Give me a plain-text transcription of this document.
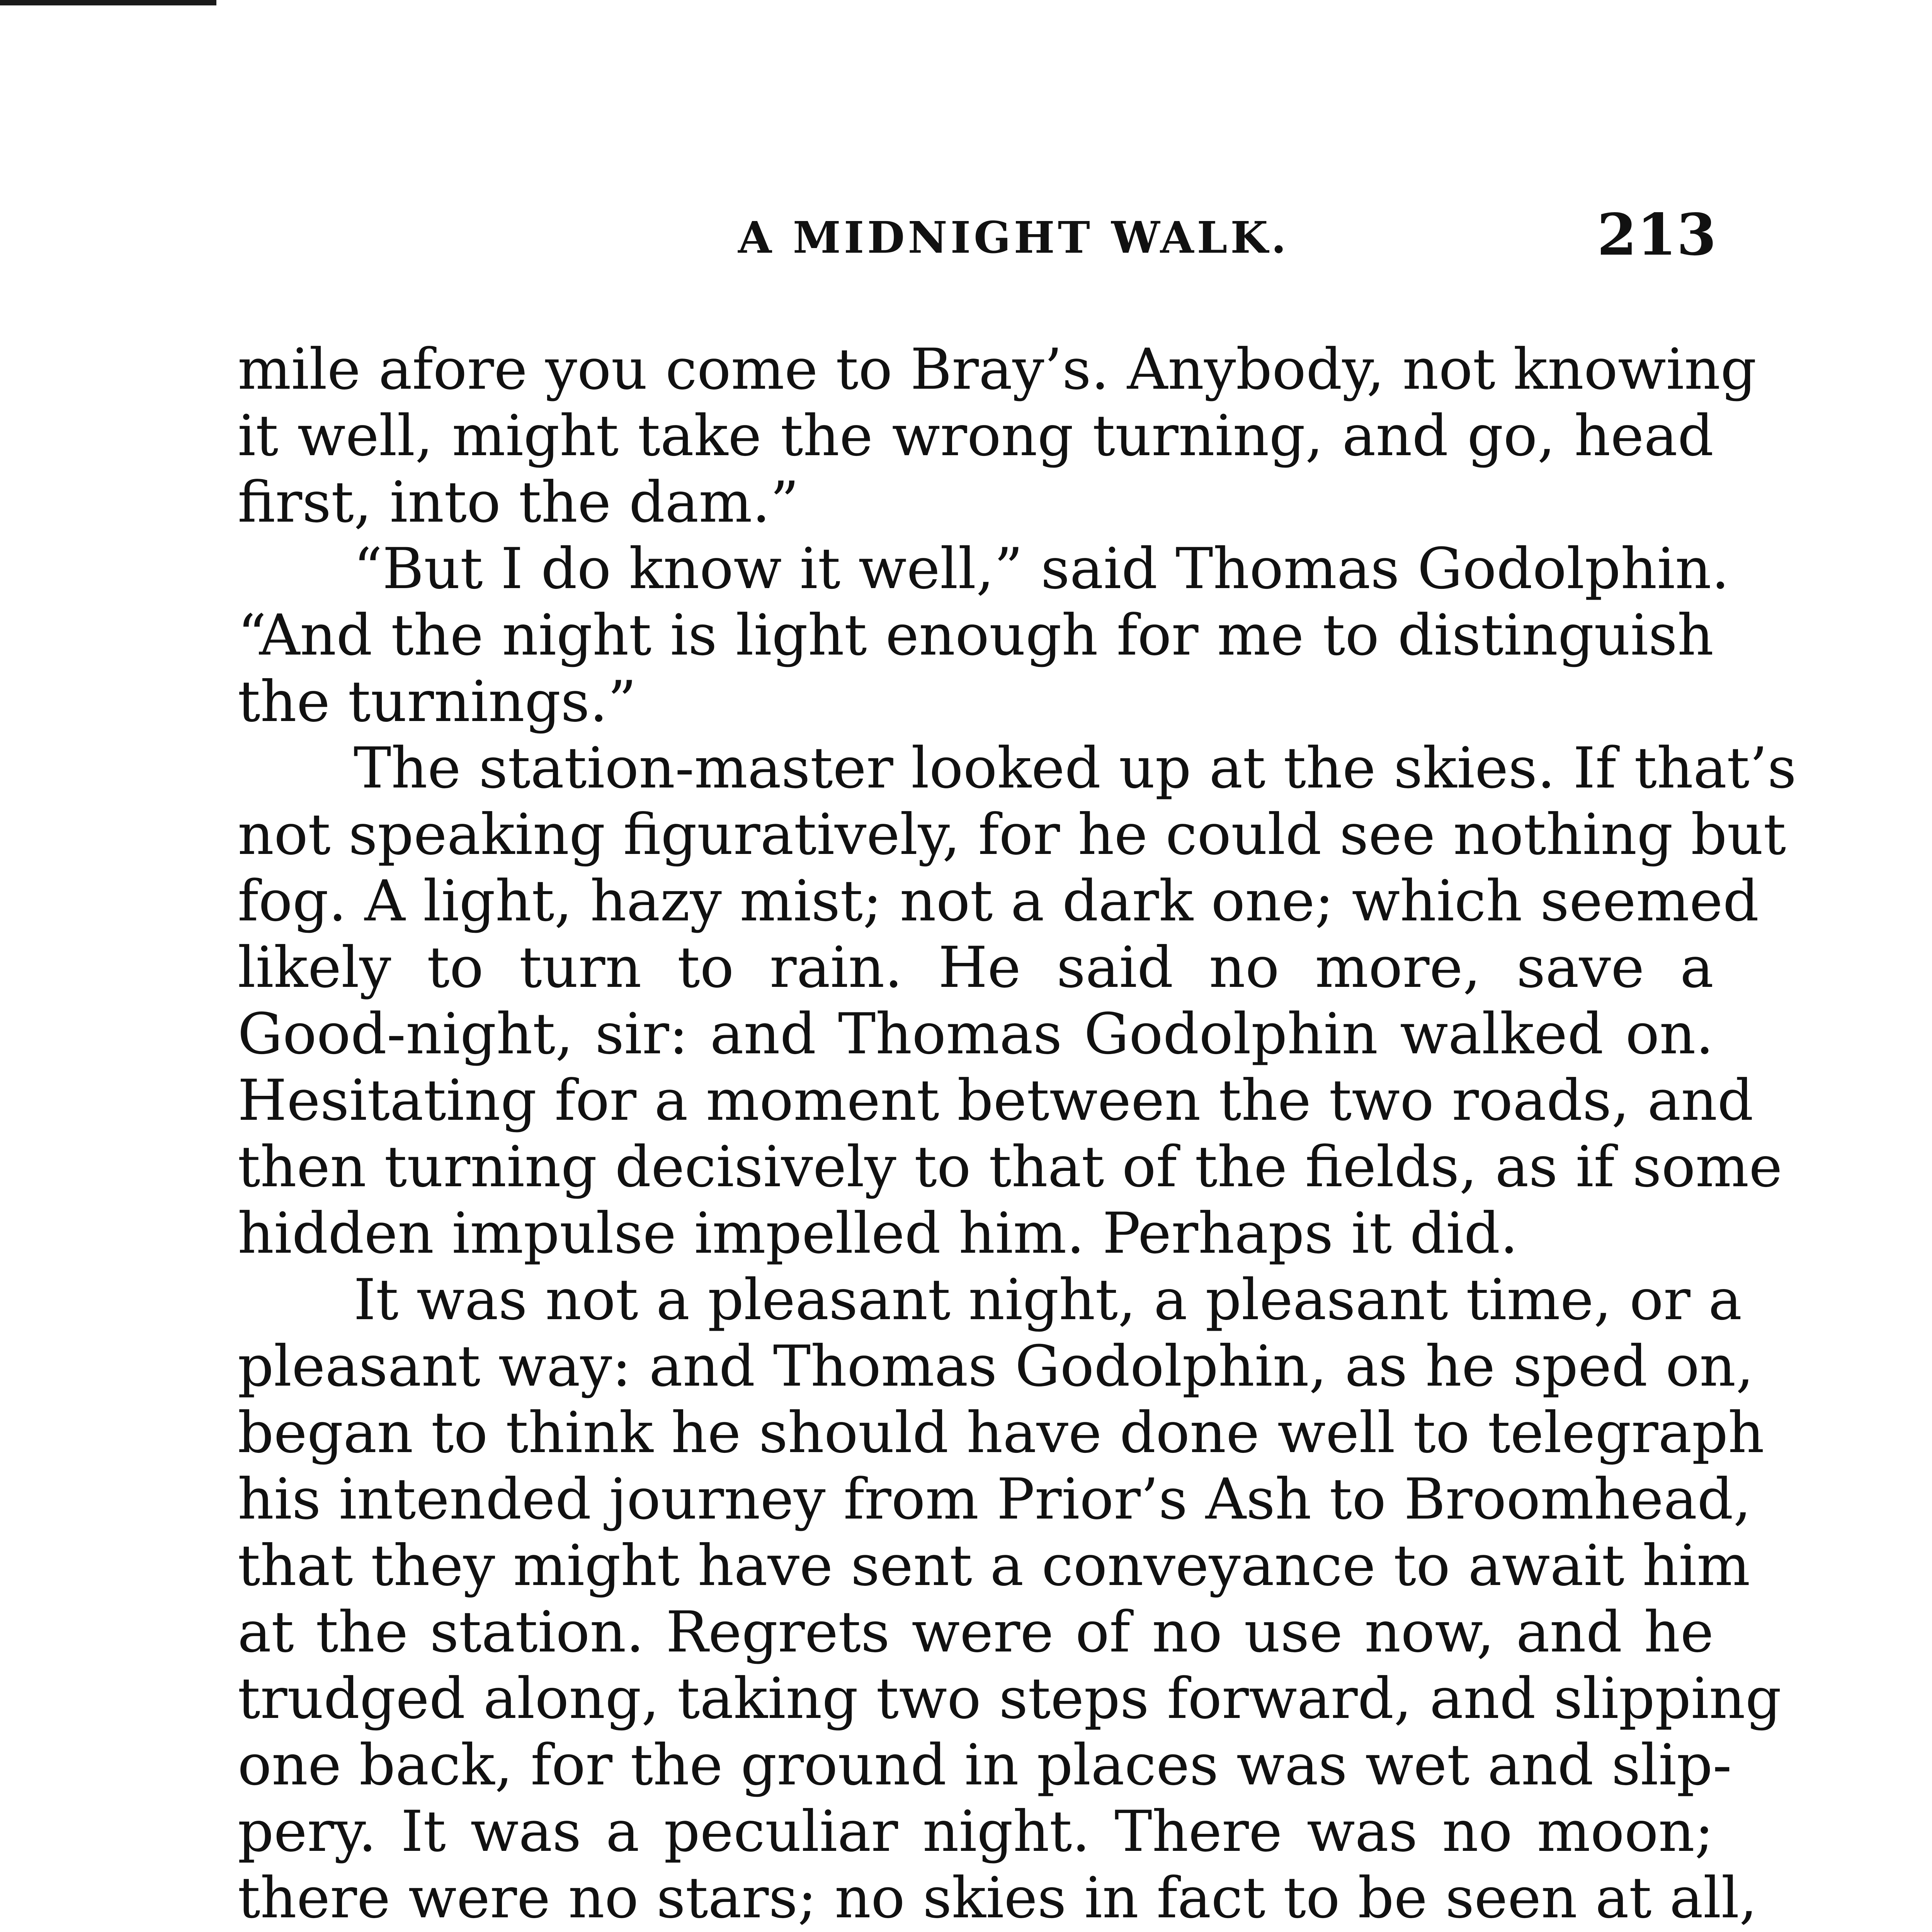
A MIDNIGHT WALK.	213
mile afore you come to Bray’s. Anybody, not knowing
it well, might take the wrong turning, and go, head
first, into the dam.”
“But I do know it well,” said Thomas Godolphin.
“And the night is light enough for me to distinguish
the turnings.”
The station-master looked up at the skies. If that’s
not speaking figuratively, for he could see nothing but
fog. A light, hazy mist; not a dark one; which seemed
likely to turn to rain. He said no more, save a
Good-night, sir: and Thomas Godolphin walked on.
Hesitating for a moment between the two roads, and
then turning decisively to that of the fields, as if some
hidden impulse impelled him. Perhaps it did.
It was not a pleasant night, a pleasant time, or a
pleasant way: and Thomas Godolphin, as he sped on,
began to think he should have done well to telegraph
his intended journey from Prior’s Ash to Broomhead,
that they might have sent a conveyance to await him
at the station. Regrets were of no use now, and he
trudged along, taking two steps forward, and slipping
one back, for the ground in places was wet and slip-
pery. It was a peculiar night. There was no moon;
there were no stars; no skies in fact to be seen at all,
